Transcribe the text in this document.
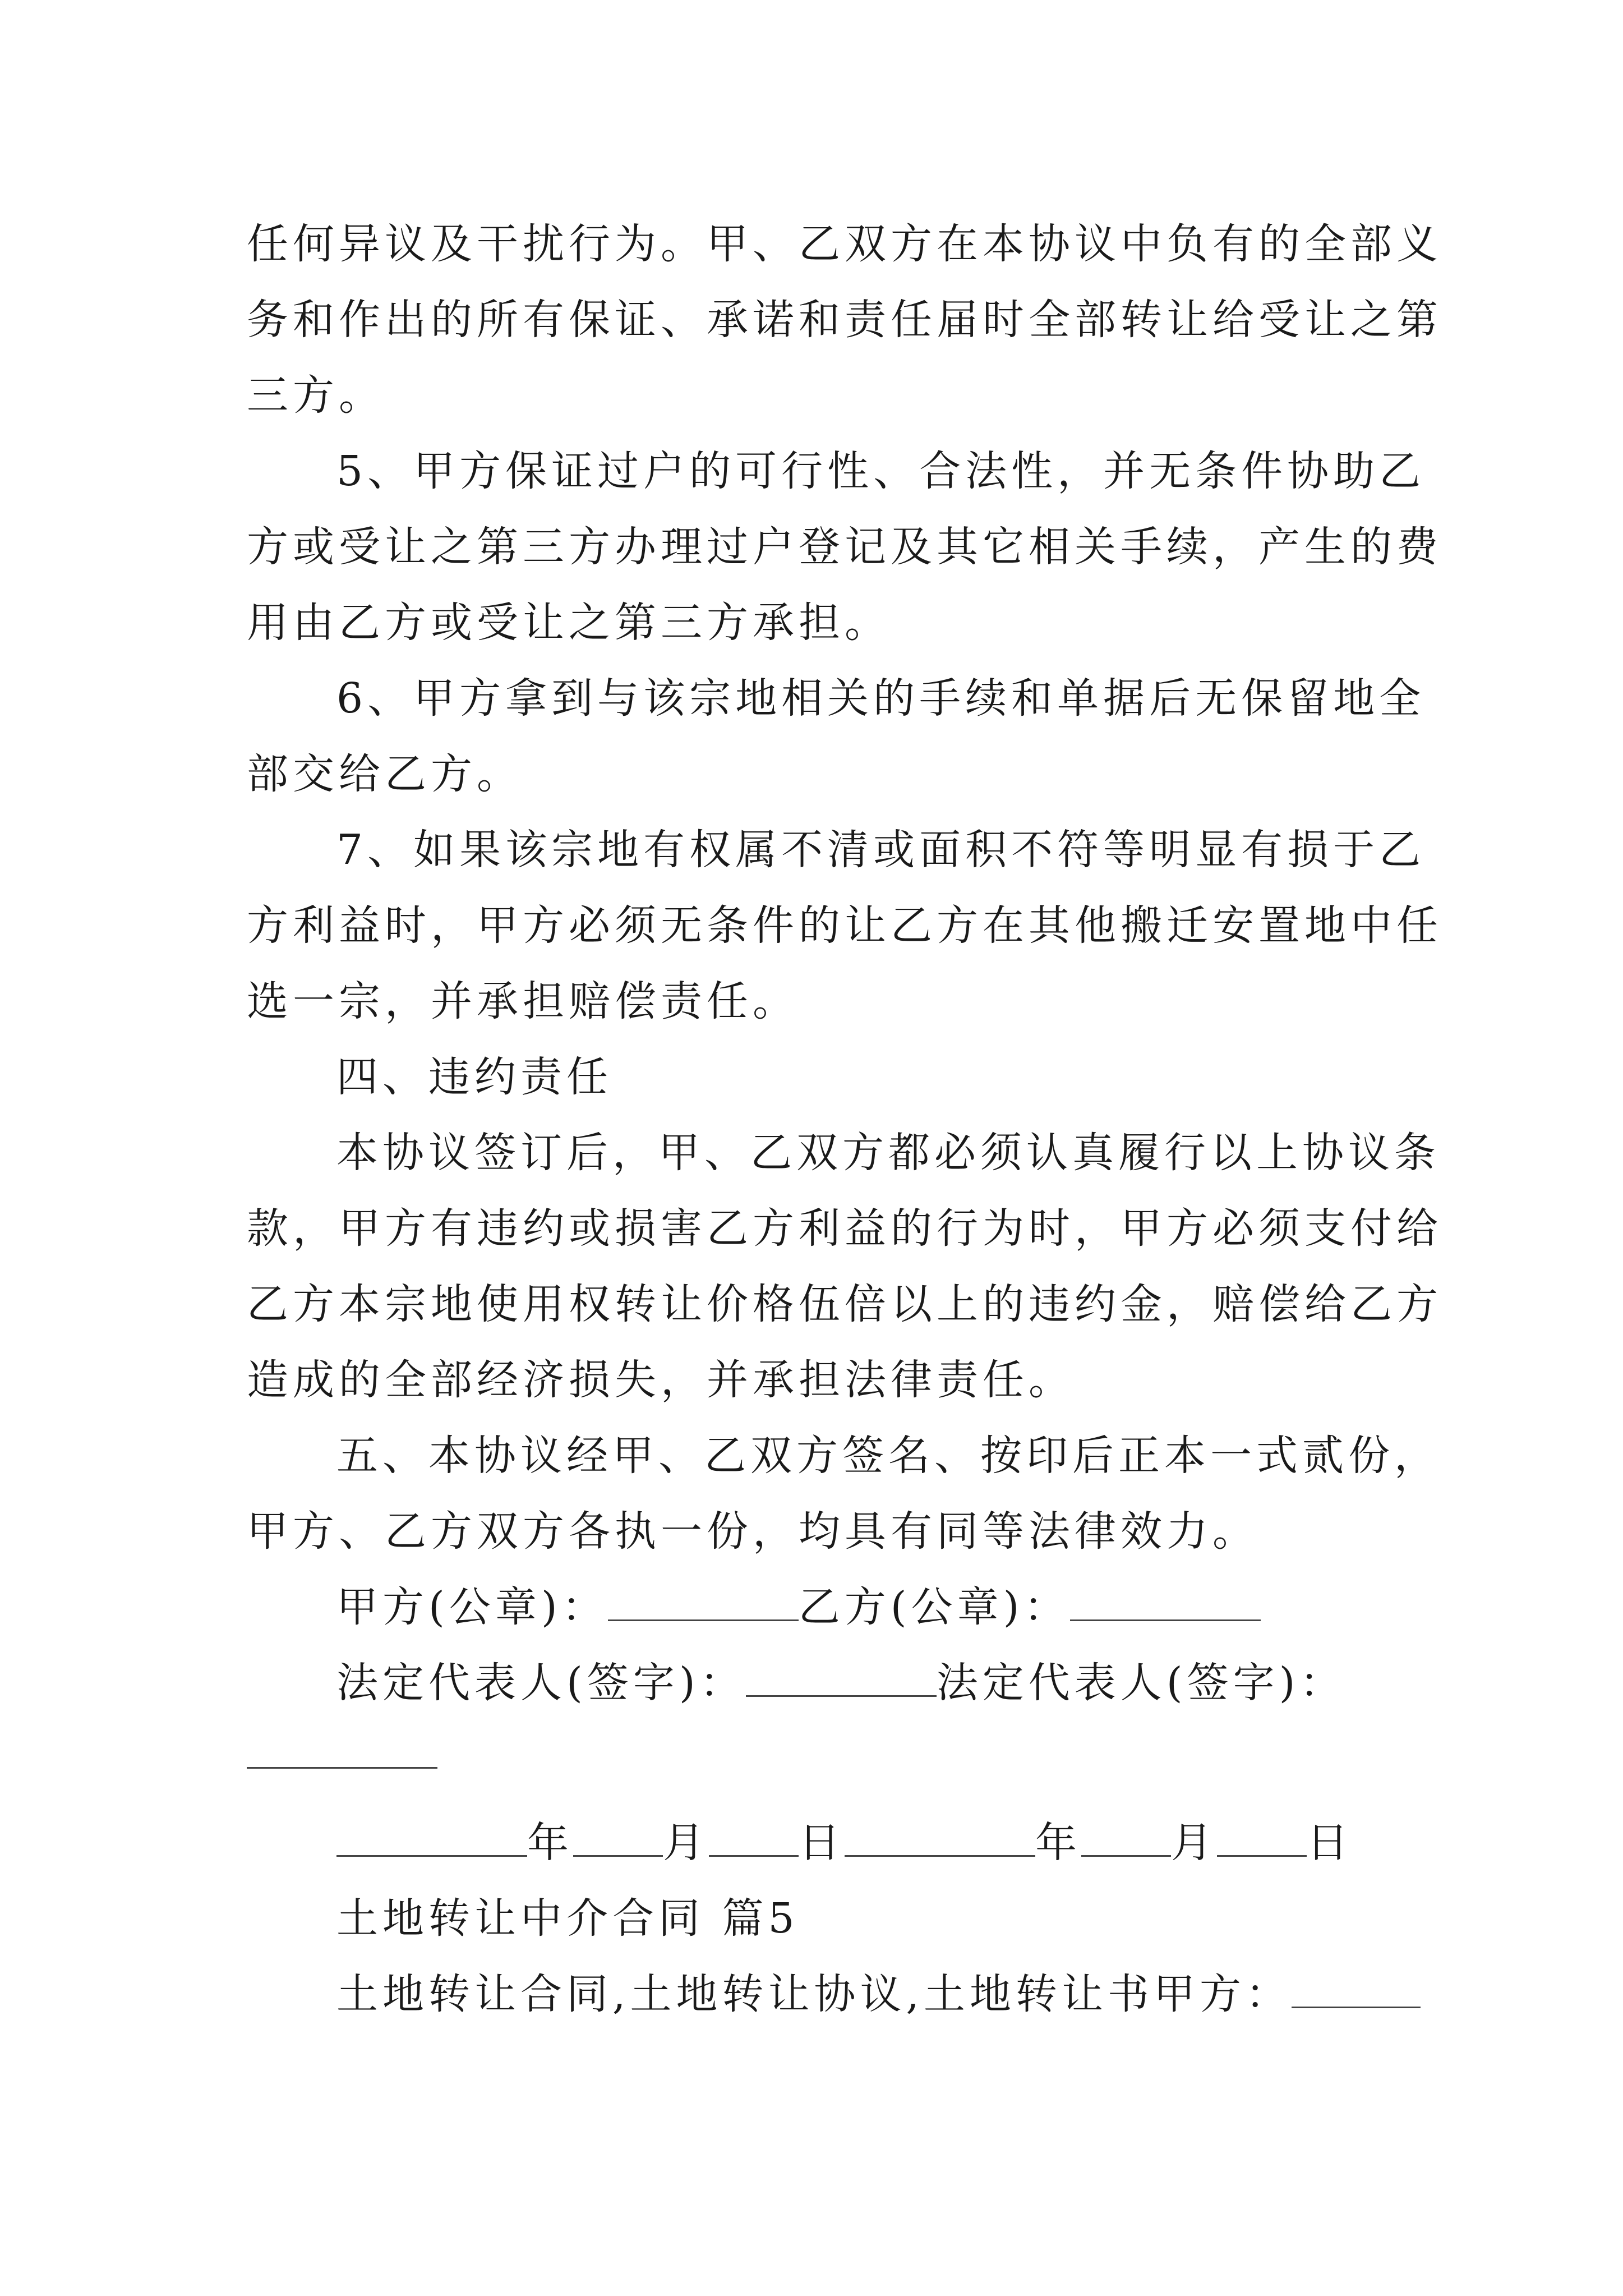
任何异议及干扰行为。甲、乙双方在本协议中负有的全部义
务和作出的所有保证、承诺和责任届时全部转让给受让之第
三方。
5、甲方保证过户的可行性、合法性，并无条件协助乙
方或受让之第三方办理过户登记及其它相关手续，产生的费
用由乙方或受让之第三方承担。
6、甲方拿到与该宗地相关的手续和单据后无保留地全
部交给乙方。
7、如果该宗地有权属不清或面积不符等明显有损于乙
方利益时，甲方必须无条件的让乙方在其他搬迁安置地中任
选一宗，并承担赔偿责任。
四、违约责任
本协议签订后，甲、乙双方都必须认真履行以上协议条
款，甲方有违约或损害乙方利益的行为时，甲方必须支付给
乙方本宗地使用权转让价格伍倍以上的违约金，赔偿给乙方
造成的全部经济损失，并承担法律责任。
五、本协议经甲、乙双方签名、按印后正本一式贰份，
甲方、乙方双方各执一份，均具有同等法律效力。
甲方(公章)：	乙方(公章)：
法定代表人(签字)：	法定代表人(签字)：
年 月 日	年 月 日
土地转让中介合同 篇5
土地转让合同,土地转让协议,土地转让书甲方：
